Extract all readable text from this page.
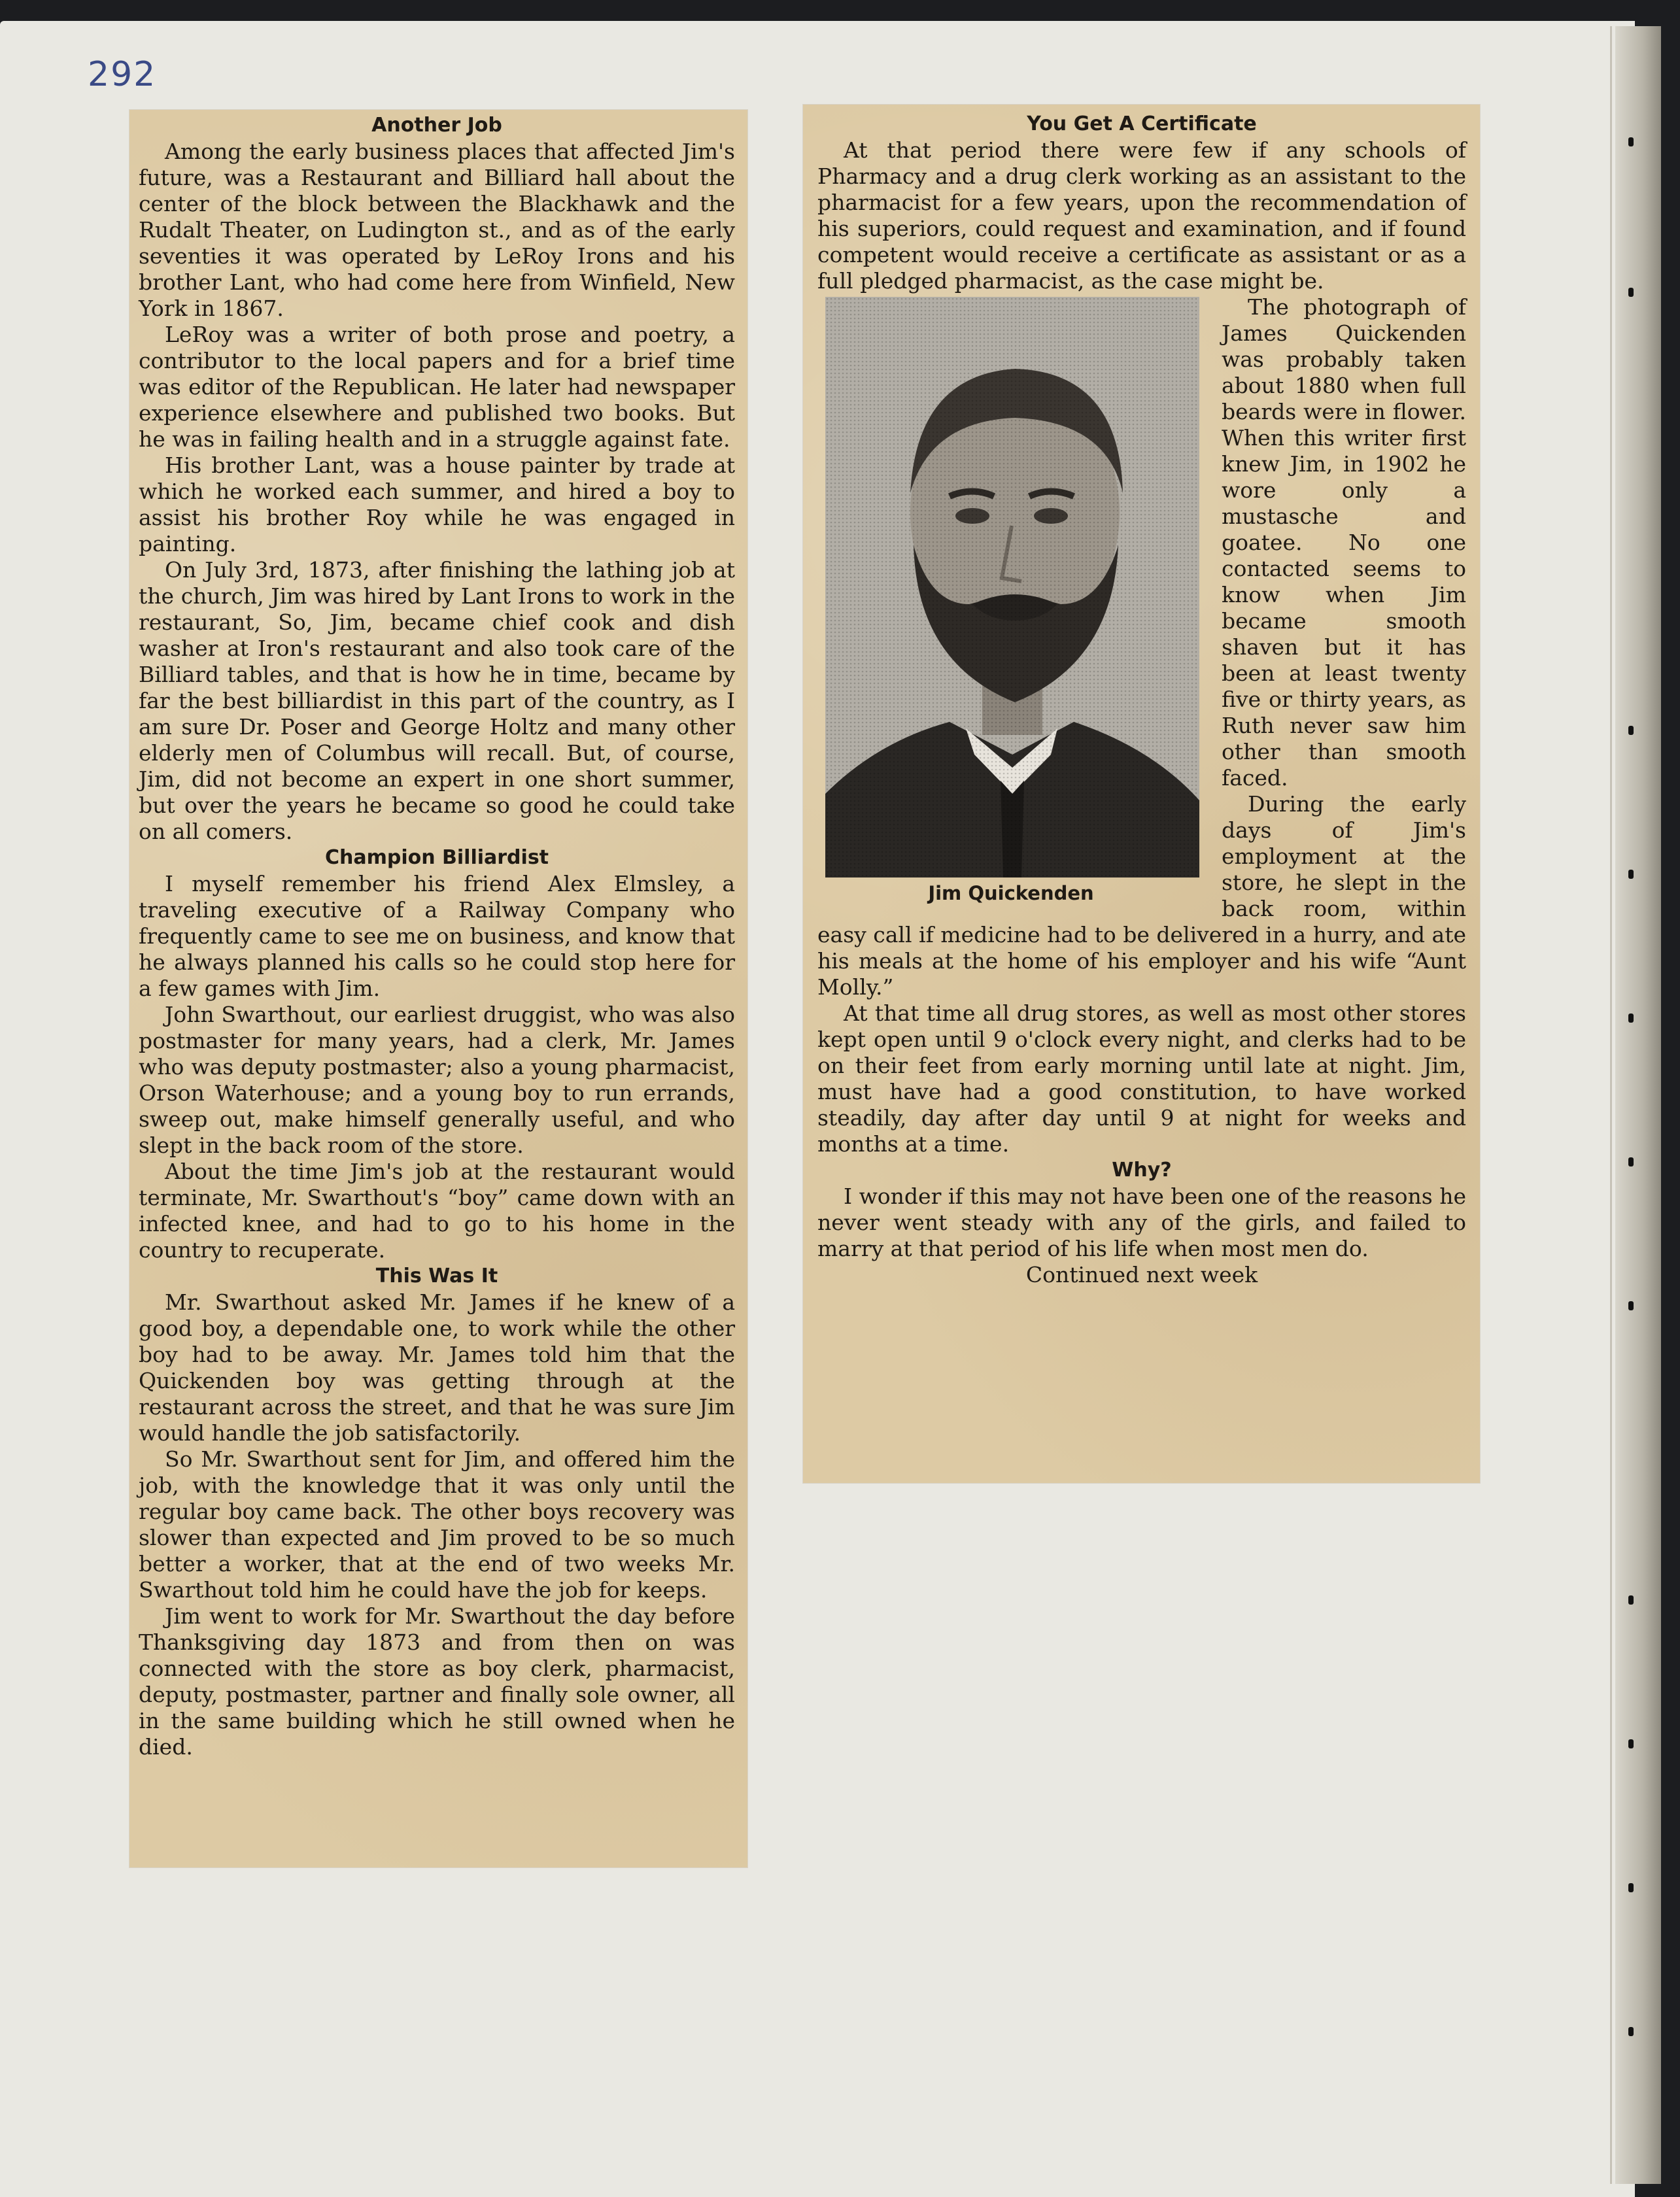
292
Another Job

Among the early business places that affected Jim's future, was a Restaurant and Billiard hall about the center of the block between the Blackhawk and the Rudalt Theater, on Ludington st., and as of the early seventies it was operated by LeRoy Irons and his brother Lant, who had come here from Winfield, New York in 1867.

LeRoy was a writer of both prose and poetry, a contributor to the local papers and for a brief time was editor of the Republican. He later had newspaper experience elsewhere and published two books. But he was in failing health and in a struggle against fate.

His brother Lant, was a house painter by trade at which he worked each summer, and hired a boy to assist his brother Roy while he was engaged in painting.

On July 3rd, 1873, after finishing the lathing job at the church, Jim was hired by Lant Irons to work in the restaurant, So, Jim, became chief cook and dish washer at Iron's restaurant and also took care of the Billiard tables, and that is how he in time, became by far the best billiardist in this part of the country, as I am sure Dr. Poser and George Holtz and many other elderly men of Columbus will recall. But, of course, Jim, did not become an expert in one short summer, but over the years he became so good he could take on all comers.

Champion Billiardist

I myself remember his friend Alex Elmsley, a traveling executive of a Railway Company who frequently came to see me on business, and know that he always planned his calls so he could stop here for a few games with Jim.

John Swarthout, our earliest druggist, who was also postmaster for many years, had a clerk, Mr. James who was deputy postmaster; also a young pharmacist, Orson Waterhouse; and a young boy to run errands, sweep out, make himself generally useful, and who slept in the back room of the store.

About the time Jim's job at the restaurant would terminate, Mr. Swarthout's “boy” came down with an infected knee, and had to go to his home in the country to recuperate.

This Was It

Mr. Swarthout asked Mr. James if he knew of a good boy, a dependable one, to work while the other boy had to be away. Mr. James told him that the Quickenden boy was getting through at the restaurant across the street, and that he was sure Jim would handle the job satisfactorily.

So Mr. Swarthout sent for Jim, and offered him the job, with the knowledge that it was only until the regular boy came back. The other boys recovery was slower than expected and Jim proved to be so much better a worker, that at the end of two weeks Mr. Swarthout told him he could have the job for keeps.

Jim went to work for Mr. Swarthout the day before Thanksgiving day 1873 and from then on was connected with the store as boy clerk, pharmacist, deputy, postmaster, partner and finally sole owner, all in the same building which he still owned when he died.

You Get A Certificate

At that period there were few if any schools of Pharmacy and a drug clerk working as an assistant to the pharmacist for a few years, upon the recommendation of his superiors, could request and examination, and if found competent would receive a certificate as assistant or as a full pledged pharmacist, as the case might be.

Jim Quickenden

The photograph of James Quickenden was probably taken about 1880 when full beards were in flower. When this writer first knew Jim, in 1902 he wore only a mustasche and goatee. No one contacted seems to know when Jim became smooth shaven but it has been at least twenty five or thirty years, as Ruth never saw him other than smooth faced.

During the early days of Jim's employment at the store, he slept in the back room, within easy call if medicine had to be delivered in a hurry, and ate his meals at the home of his employer and his wife “Aunt Molly.”

At that time all drug stores, as well as most other stores kept open until 9 o'clock every night, and clerks had to be on their feet from early morning until late at night. Jim, must have had a good constitution, to have worked steadily, day after day until 9 at night for weeks and months at a time.

Why?

I wonder if this may not have been one of the reasons he never went steady with any of the girls, and failed to marry at that period of his life when most men do.

Continued next week
